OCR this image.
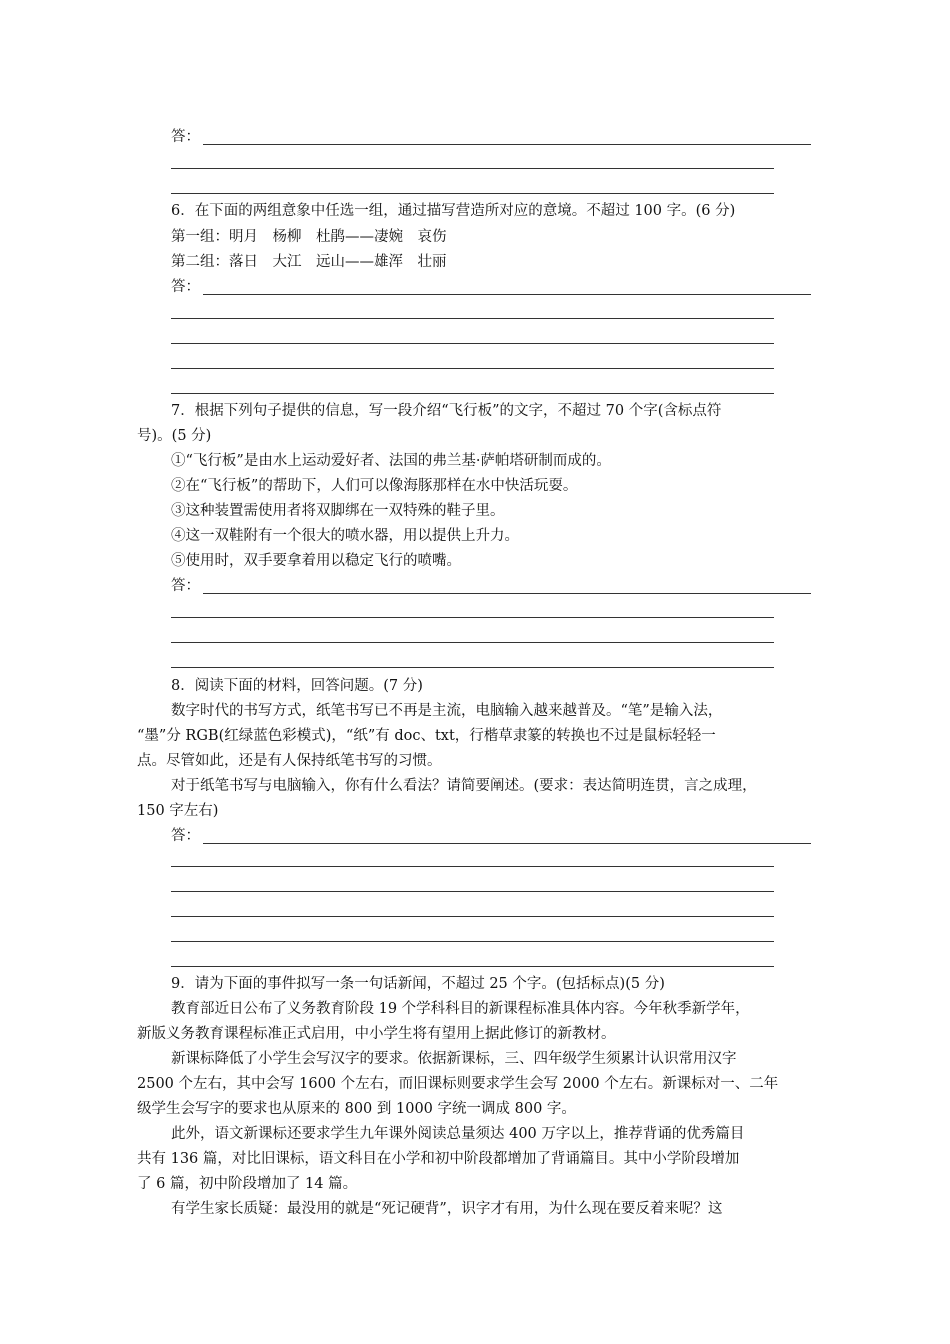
答：
6．在下面的两组意象中任选一组，通过描写营造所对应的意境。不超过 100 字。(6 分)
第一组：明月　杨柳　杜鹃——凄婉　哀伤
第二组：落日　大江　远山——雄浑　壮丽
答：
7．根据下列句子提供的信息，写一段介绍“飞行板”的文字，不超过 70 个字(含标点符
号)。(5 分)
①“飞行板”是由水上运动爱好者、法国的弗兰基·萨帕塔研制而成的。
②在“飞行板”的帮助下，人们可以像海豚那样在水中快活玩耍。
③这种装置需使用者将双脚绑在一双特殊的鞋子里。
④这一双鞋附有一个很大的喷水器，用以提供上升力。
⑤使用时，双手要拿着用以稳定飞行的喷嘴。
答：
8．阅读下面的材料，回答问题。(7 分)
数字时代的书写方式，纸笔书写已不再是主流，电脑输入越来越普及。“笔”是输入法，
“墨”分 RGB(红绿蓝色彩模式)，“纸”有 doc、txt，行楷草隶篆的转换也不过是鼠标轻轻一
点。尽管如此，还是有人保持纸笔书写的习惯。
对于纸笔书写与电脑输入，你有什么看法？请简要阐述。(要求：表达简明连贯，言之成理，
150 字左右)
答：
9．请为下面的事件拟写一条一句话新闻，不超过 25 个字。(包括标点)(5 分)
教育部近日公布了义务教育阶段 19 个学科科目的新课程标准具体内容。今年秋季新学年，
新版义务教育课程标准正式启用，中小学生将有望用上据此修订的新教材。
新课标降低了小学生会写汉字的要求。依据新课标，三、四年级学生须累计认识常用汉字
2500 个左右，其中会写 1600 个左右，而旧课标则要求学生会写 2000 个左右。新课标对一、二年
级学生会写字的要求也从原来的 800 到 1000 字统一调成 800 字。
此外，语文新课标还要求学生九年课外阅读总量须达 400 万字以上，推荐背诵的优秀篇目
共有 136 篇，对比旧课标，语文科目在小学和初中阶段都增加了背诵篇目。其中小学阶段增加
了 6 篇，初中阶段增加了 14 篇。
有学生家长质疑：最没用的就是“死记硬背”，识字才有用，为什么现在要反着来呢？这
